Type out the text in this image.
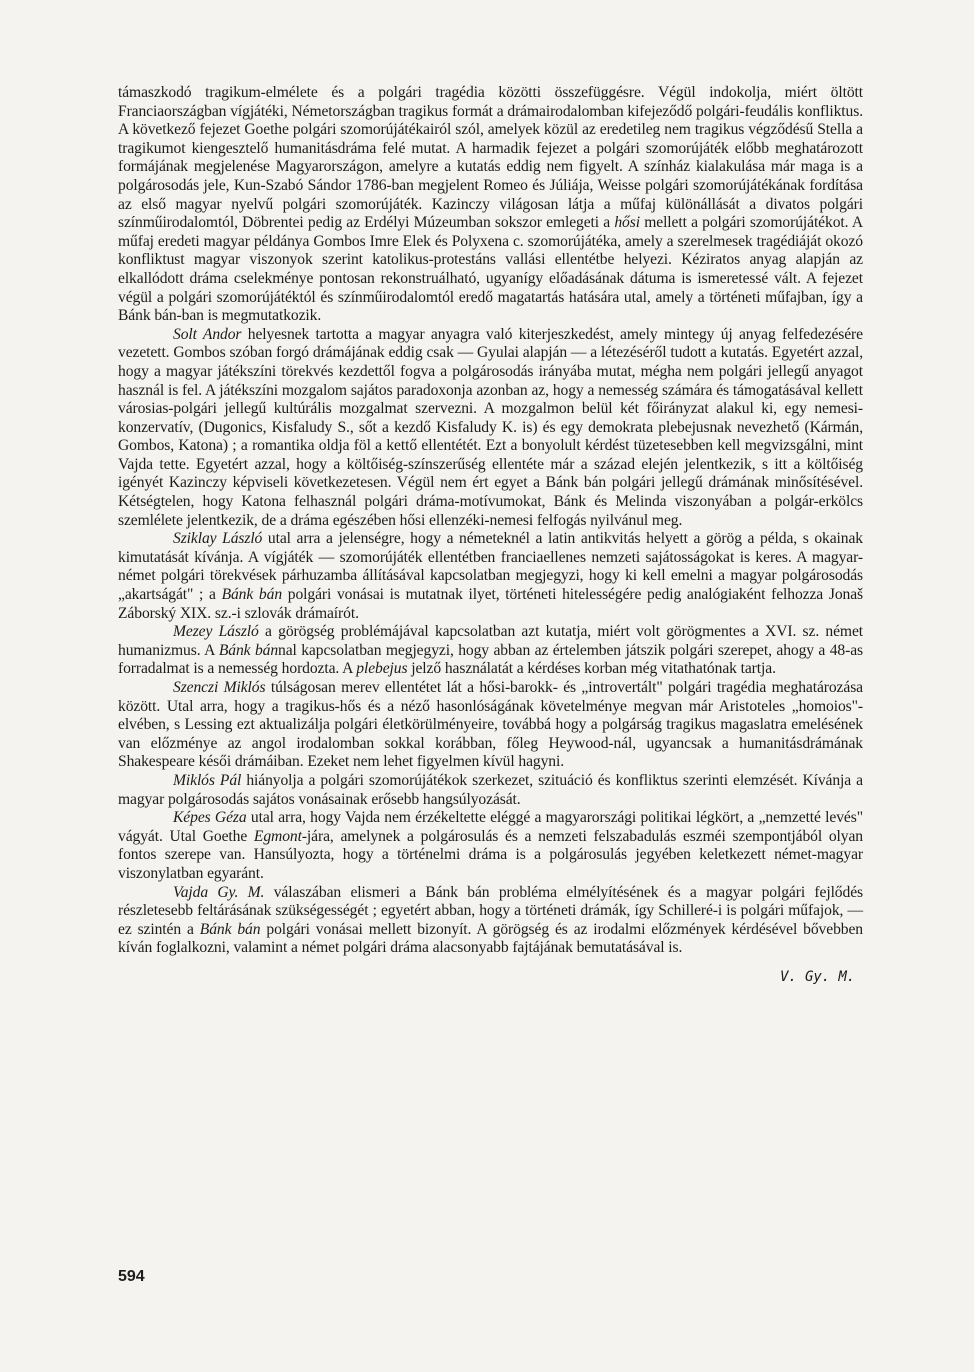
támaszkodó tragikum-elmélete és a polgári tragédia közötti összefüggésre. Végül indokolja, miért öltött Franciaországban vígjátéki, Németországban tragikus formát a drámairodalomban kifejeződő polgári-feudális konfliktus. A következő fejezet Goethe polgári szomorújátékairól szól, amelyek közül az eredetileg nem tragikus végződésű Stella a tragikumot kiengesztelő humanitásdráma felé mutat. A harmadik fejezet a polgári szomorújáték előbb meghatározott formájának megjelenése Magyarországon, amelyre a kutatás eddig nem figyelt. A színház kialakulása már maga is a polgárosodás jele, Kun-Szabó Sándor 1786-ban megjelent Romeo és Júliája, Weisse polgári szomorújátékának fordítása az első magyar nyelvű polgári szomorújáték. Kazinczy világosan látja a műfaj különállását a divatos polgári színműirodalomtól, Döbrentei pedig az Erdélyi Múzeumban sokszor emlegeti a hősi mellett a polgári szomorújátékot. A műfaj eredeti magyar példánya Gombos Imre Elek és Polyxena c. szomorújátéka, amely a szerelmesek tragédiáját okozó konfliktust magyar viszonyok szerint katolikus-protestáns vallási ellentétbe helyezi. Kéziratos anyag alapján az elkallódott dráma cselekménye pontosan rekonstruálható, ugyanígy előadásának dátuma is ismeretessé vált. A fejezet végül a polgári szomorújátéktól és színműirodalomtól eredő magatartás hatására utal, amely a történeti műfajban, így a Bánk bán-ban is megmutatkozik.

Solt Andor helyesnek tartotta a magyar anyagra való kiterjeszkedést, amely mintegy új anyag felfedezésére vezetett. Gombos szóban forgó drámájának eddig csak — Gyulai alapján — a létezéséről tudott a kutatás. Egyetért azzal, hogy a magyar játékszíni törekvés kezdettől fogva a polgárosodás irányába mutat, mégha nem polgári jellegű anyagot használ is fel. A játékszíni mozgalom sajátos paradoxonja azonban az, hogy a nemesség számára és támogatásával kellett városias-polgári jellegű kultúrális mozgalmat szervezni. A mozgalmon belül két főirányzat alakul ki, egy nemesi-konzervatív, (Dugonics, Kisfaludy S., sőt a kezdő Kisfaludy K. is) és egy demokrata plebejusnak nevezhető (Kármán, Gombos, Katona) ; a romantika oldja föl a kettő ellentétét. Ezt a bonyolult kérdést tüzetesebben kell megvizsgálni, mint Vajda tette. Egyetért azzal, hogy a költőiség-színszerűség ellentéte már a század elején jelentkezik, s itt a költőiség igényét Kazinczy képviseli következetesen. Végül nem ért egyet a Bánk bán polgári jellegű drámának minősítésével. Kétségtelen, hogy Katona felhasznál polgári dráma-motívumokat, Bánk és Melinda viszonyában a polgár-erkölcs szemlélete jelentkezik, de a dráma egészében hősi ellenzéki-nemesi felfogás nyilvánul meg.

Sziklay László utal arra a jelenségre, hogy a németeknél a latin antikvitás helyett a görög a példa, s okainak kimutatását kívánja. A vígjáték — szomorújáték ellentétben franciaellenes nemzeti sajátosságokat is keres. A magyar-német polgári törekvések párhuzamba állításával kapcsolatban megjegyzi, hogy ki kell emelni a magyar polgárosodás „akartságát" ; a Bánk bán polgári vonásai is mutatnak ilyet, történeti hitelességére pedig analógiaként felhozza Jonaš Záborský XIX. sz.-i szlovák drámaírót.

Mezey László a görögség problémájával kapcsolatban azt kutatja, miért volt görögmentes a XVI. sz. német humanizmus. A Bánk bánnal kapcsolatban megjegyzi, hogy abban az értelemben játszik polgári szerepet, ahogy a 48-as forradalmat is a nemesség hordozta. A plebejus jelző használatát a kérdéses korban még vitathatónak tartja.

Szenczi Miklós túlságosan merev ellentétet lát a hősi-barokk- és „introvertált" polgári tragédia meghatározása között. Utal arra, hogy a tragikus-hős és a néző hasonlóságának követelménye megvan már Aristoteles „homoios"-elvében, s Lessing ezt aktualizálja polgári életkörülményeire, továbbá hogy a polgárság tragikus magaslatra emelésének van előzménye az angol irodalomban sokkal korábban, főleg Heywood-nál, ugyancsak a humanitásdrámának Shakespeare késői drámáiban. Ezeket nem lehet figyelmen kívül hagyni.

Miklós Pál hiányolja a polgári szomorújátékok szerkezet, szituáció és konfliktus szerinti elemzését. Kívánja a magyar polgárosodás sajátos vonásainak erősebb hangsúlyozását.

Képes Géza utal arra, hogy Vajda nem érzékeltette eléggé a magyarországi politikai légkört, a „nemzetté levés" vágyát. Utal Goethe Egmont-jára, amelynek a polgárosulás és a nemzeti felszabadulás eszméi szempontjából olyan fontos szerepe van. Hansúlyozta, hogy a történelmi dráma is a polgárosulás jegyében keletkezett német-magyar viszonylatban egyaránt.

Vajda Gy. M. válaszában elismeri a Bánk bán probléma elmélyítésének és a magyar polgári fejlődés részletesebb feltárásának szükségességét ; egyetért abban, hogy a történeti drámák, így Schilleré-i is polgári műfajok, — ez szintén a Bánk bán polgári vonásai mellett bizonyít. A görögség és az irodalmi előzmények kérdésével bővebben kíván foglalkozni, valamint a német polgári dráma alacsonyabb fajtájának bemutatásával is.

V. Gy. M.
594
